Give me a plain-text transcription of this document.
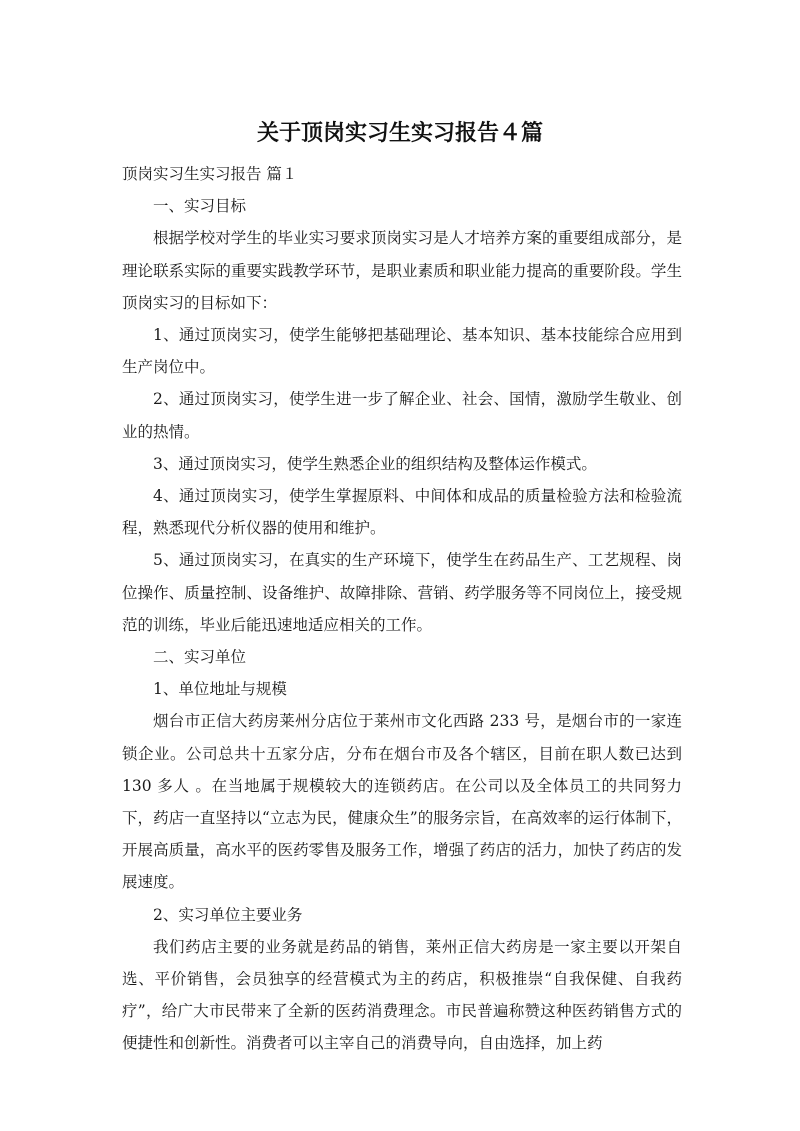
关于顶岗实习生实习报告４篇

顶岗实习生实习报告 篇１

一、实习目标

根据学校对学生的毕业实习要求顶岗实习是人才培养方案的重要组成部分，是理论联系实际的重要实践教学环节，是职业素质和职业能力提高的重要阶段。学生顶岗实习的目标如下：

1、通过顶岗实习，使学生能够把基础理论、基本知识、基本技能综合应用到生产岗位中。

2、通过顶岗实习，使学生进一步了解企业、社会、国情，激励学生敬业、创业的热情。

3、通过顶岗实习，使学生熟悉企业的组织结构及整体运作模式。

4、通过顶岗实习，使学生掌握原料、中间体和成品的质量检验方法和检验流程，熟悉现代分析仪器的使用和维护。

5、通过顶岗实习，在真实的生产环境下，使学生在药品生产、工艺规程、岗位操作、质量控制、设备维护、故障排除、营销、药学服务等不同岗位上，接受规范的训练，毕业后能迅速地适应相关的工作。

二、实习单位

1、单位地址与规模

烟台市正信大药房莱州分店位于莱州市文化西路 233 号，是烟台市的一家连锁企业。公司总共十五家分店，分布在烟台市及各个辖区，目前在职人数已达到 130 多人 。在当地属于规模较大的连锁药店。在公司以及全体员工的共同努力下，药店一直坚持以“立志为民，健康众生”的服务宗旨，在高效率的运行体制下，开展高质量，高水平的医药零售及服务工作，增强了药店的活力，加快了药店的发展速度。

2、实习单位主要业务

我们药店主要的业务就是药品的销售，莱州正信大药房是一家主要以开架自选、平价销售，会员独享的经营模式为主的药店，积极推崇“自我保健、自我药疗”，给广大市民带来了全新的医药消费理念。市民普遍称赞这种医药销售方式的便捷性和创新性。消费者可以主宰自己的消费导向，自由选择，加上药
